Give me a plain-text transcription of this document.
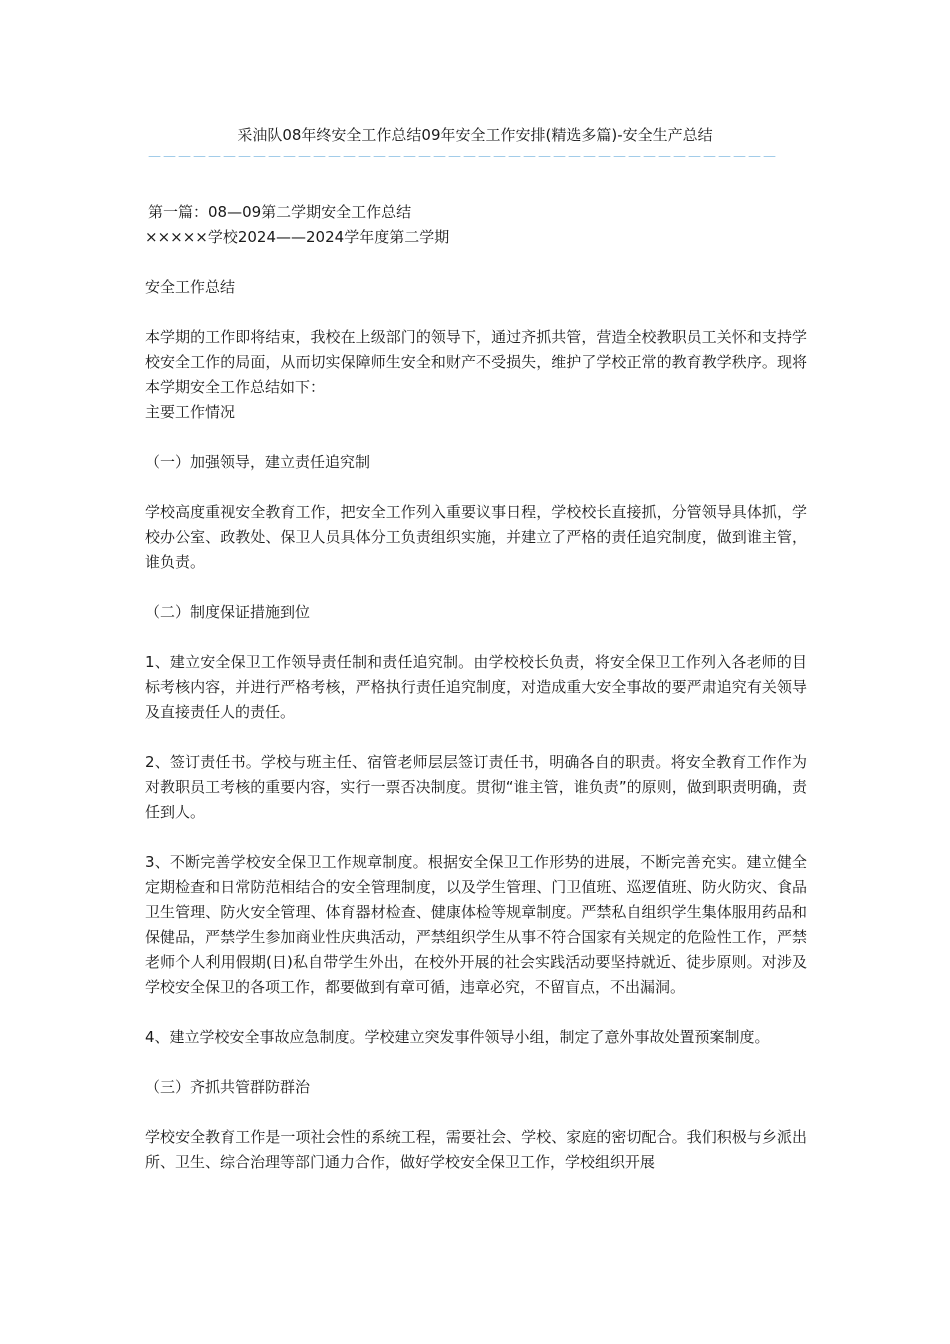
采油队08年终安全工作总结09年安全工作安排(精选多篇)-安全生产总结
——————————————————————————————————————————

第一篇：08—09第二学期安全工作总结

×××××学校2024——2024学年度第二学期

安全工作总结

本学期的工作即将结束，我校在上级部门的领导下，通过齐抓共管，营造全校教职员工关怀和支持学校安全工作的局面，从而切实保障师生安全和财产不受损失，维护了学校正常的教育教学秩序。现将本学期安全工作总结如下：

主要工作情况

（一）加强领导，建立责任追究制

学校高度重视安全教育工作，把安全工作列入重要议事日程，学校校长直接抓，分管领导具体抓，学校办公室、政教处、保卫人员具体分工负责组织实施，并建立了严格的责任追究制度，做到谁主管，谁负责。

（二）制度保证措施到位

1、建立安全保卫工作领导责任制和责任追究制。由学校校长负责，将安全保卫工作列入各老师的目标考核内容，并进行严格考核，严格执行责任追究制度，对造成重大安全事故的要严肃追究有关领导及直接责任人的责任。

2、签订责任书。学校与班主任、宿管老师层层签订责任书，明确各自的职责。将安全教育工作作为对教职员工考核的重要内容，实行一票否决制度。贯彻“谁主管，谁负责”的原则，做到职责明确，责任到人。

3、不断完善学校安全保卫工作规章制度。根据安全保卫工作形势的进展，不断完善充实。建立健全定期检查和日常防范相结合的安全管理制度，以及学生管理、门卫值班、巡逻值班、防火防灾、食品卫生管理、防火安全管理、体育器材检查、健康体检等规章制度。严禁私自组织学生集体服用药品和保健品，严禁学生参加商业性庆典活动，严禁组织学生从事不符合国家有关规定的危险性工作，严禁老师个人利用假期(日)私自带学生外出，在校外开展的社会实践活动要坚持就近、徒步原则。对涉及学校安全保卫的各项工作，都要做到有章可循，违章必究，不留盲点，不出漏洞。

4、建立学校安全事故应急制度。学校建立突发事件领导小组，制定了意外事故处置预案制度。

（三）齐抓共管群防群治

学校安全教育工作是一项社会性的系统工程，需要社会、学校、家庭的密切配合。我们积极与乡派出所、卫生、综合治理等部门通力合作，做好学校安全保卫工作，学校组织开展
